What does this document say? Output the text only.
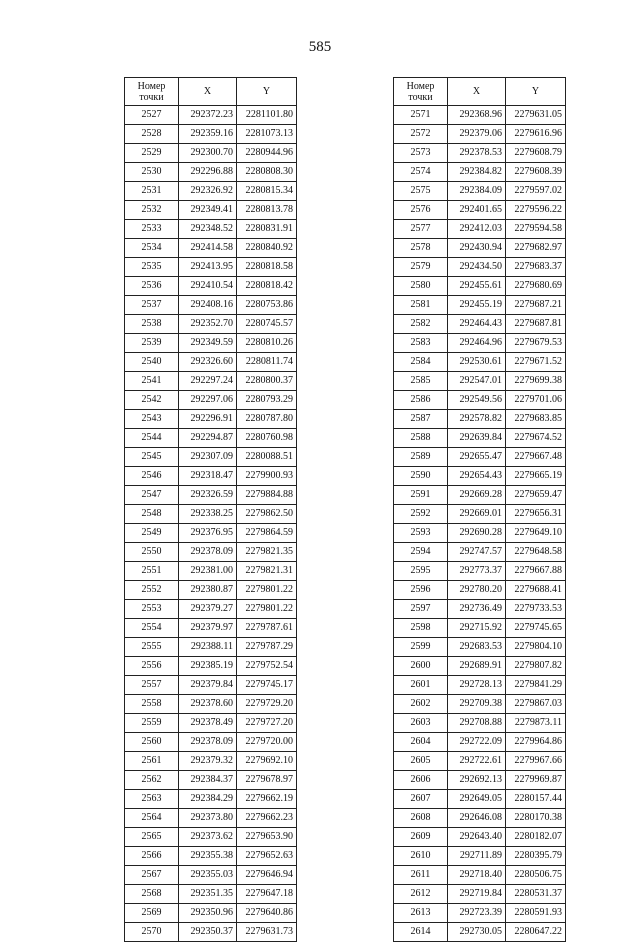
585
Номер
точки	X	Y
2527	292372.23	2281101.80
2528	292359.16	2281073.13
2529	292300.70	2280944.96
2530	292296.88	2280808.30
2531	292326.92	2280815.34
2532	292349.41	2280813.78
2533	292348.52	2280831.91
2534	292414.58	2280840.92
2535	292413.95	2280818.58
2536	292410.54	2280818.42
2537	292408.16	2280753.86
2538	292352.70	2280745.57
2539	292349.59	2280810.26
2540	292326.60	2280811.74
2541	292297.24	2280800.37
2542	292297.06	2280793.29
2543	292296.91	2280787.80
2544	292294.87	2280760.98
2545	292307.09	2280088.51
2546	292318.47	2279900.93
2547	292326.59	2279884.88
2548	292338.25	2279862.50
2549	292376.95	2279864.59
2550	292378.09	2279821.35
2551	292381.00	2279821.31
2552	292380.87	2279801.22
2553	292379.27	2279801.22
2554	292379.97	2279787.61
2555	292388.11	2279787.29
2556	292385.19	2279752.54
2557	292379.84	2279745.17
2558	292378.60	2279729.20
2559	292378.49	2279727.20
2560	292378.09	2279720.00
2561	292379.32	2279692.10
2562	292384.37	2279678.97
2563	292384.29	2279662.19
2564	292373.80	2279662.23
2565	292373.62	2279653.90
2566	292355.38	2279652.63
2567	292355.03	2279646.94
2568	292351.35	2279647.18
2569	292350.96	2279640.86
2570	292350.37	2279631.73
Номер
точки	X	Y
2571	292368.96	2279631.05
2572	292379.06	2279616.96
2573	292378.53	2279608.79
2574	292384.82	2279608.39
2575	292384.09	2279597.02
2576	292401.65	2279596.22
2577	292412.03	2279594.58
2578	292430.94	2279682.97
2579	292434.50	2279683.37
2580	292455.61	2279680.69
2581	292455.19	2279687.21
2582	292464.43	2279687.81
2583	292464.96	2279679.53
2584	292530.61	2279671.52
2585	292547.01	2279699.38
2586	292549.56	2279701.06
2587	292578.82	2279683.85
2588	292639.84	2279674.52
2589	292655.47	2279667.48
2590	292654.43	2279665.19
2591	292669.28	2279659.47
2592	292669.01	2279656.31
2593	292690.28	2279649.10
2594	292747.57	2279648.58
2595	292773.37	2279667.88
2596	292780.20	2279688.41
2597	292736.49	2279733.53
2598	292715.92	2279745.65
2599	292683.53	2279804.10
2600	292689.91	2279807.82
2601	292728.13	2279841.29
2602	292709.38	2279867.03
2603	292708.88	2279873.11
2604	292722.09	2279964.86
2605	292722.61	2279967.66
2606	292692.13	2279969.87
2607	292649.05	2280157.44
2608	292646.08	2280170.38
2609	292643.40	2280182.07
2610	292711.89	2280395.79
2611	292718.40	2280506.75
2612	292719.84	2280531.37
2613	292723.39	2280591.93
2614	292730.05	2280647.22
